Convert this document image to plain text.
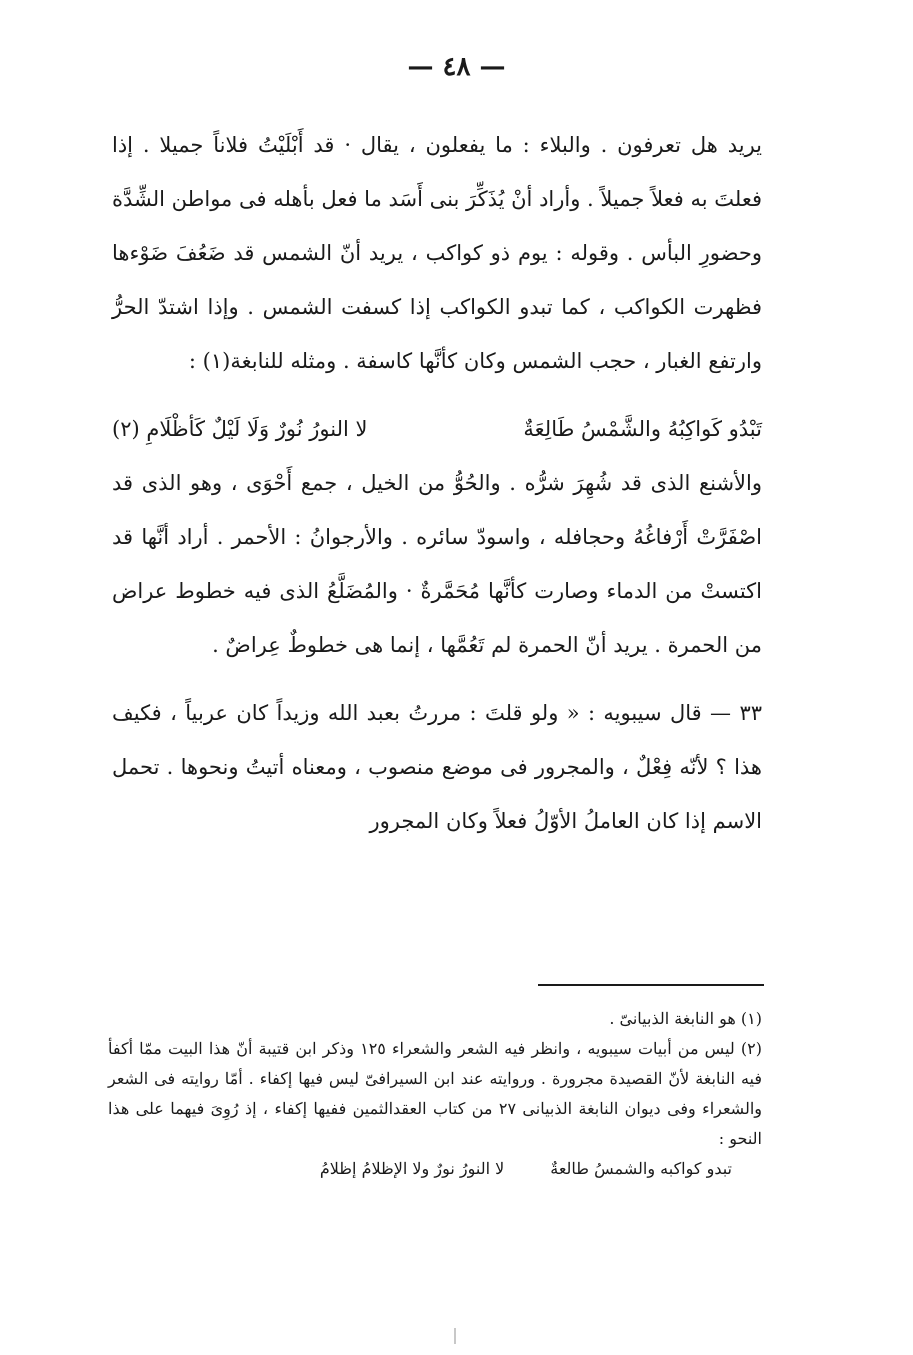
— ٤٨ —

يريد هل تعرفون . والبلاء : ما يفعلون ، يقال · قد أَبْلَيْتُ فلاناً جميلا . إذا فعلتَ به فعلاً جميلاً . وأراد أنْ يُذَكِّرَ بنى أَسَد ما فعل بأهله فى مواطن الشِّدَّة وحضورِ البأس . وقوله : يوم ذو كواكب ، يريد أنّ الشمس قد ضَعُفَ ضَوْءها فظهرت الكواكب ، كما تبدو الكواكب إذا كسفت الشمس . وإذا اشتدّ الحرُّ وارتفع الغبار ، حجب الشمس وكان كأنَّها كاسفة . ومثله للنابغة(١) :

تَبْدُو كَواكِبُهُ والشَّمْسُ طَالِعَةٌ
لا النورُ نُورٌ وَلَا لَيْلٌ كَأظْلَامِ (٢)

والأشنع الذى قد شُهِرَ شرُّه . والحُوُّ من الخيل ، جمع أَحْوَى ، وهو الذى قد اصْفَرَّتْ أَرْفاغُهُ وحجافله ، واسودّ سائره . والأرجوانُ : الأحمر . أراد أنَّها قد اكتستْ من الدماء وصارت كأنَّها مُحَمَّرةٌ · والمُضَلَّعُ الذى فيه خطوط عراض من الحمرة . يريد أنّ الحمرة لم تَعُمَّها ، إنما هى خطوطٌ عِراضٌ .

٣٣ — قال سيبويه : « ولو قلتَ : مررتُ بعبد الله وزيداً كان عربياً ، فكيف هذا ؟ لأنّه فِعْلٌ ، والمجرور فى موضع منصوب ، ومعناه أتيتُ ونحوها . تحمل الاسم إذا كان العاملُ الأوّلُ فعلاً وكان المجرور

(١) هو النابغة الذبيانىّ .

(٢) ليس من أبيات سيبويه ، وانظر فيه الشعر والشعراء ١٢٥ وذكر ابن قتيبة أنّ هذا البيت ممّا أكفأ فيه النابغة لأنّ القصيدة مجرورة . وروايته عند ابن السيرافىّ ليس فيها إكفاء . أمّا روايته فى الشعر والشعراء وفى ديوان النابغة الذبيانى ٢٧ من كتاب العقدالثمين ففيها إكفاء ، إذ رُوِىَ فيهما على هذا النحو :

تبدو كواكبه والشمسُ طالعةٌ
لا النورُ نورٌ ولا الإظلامُ إظلامُ
